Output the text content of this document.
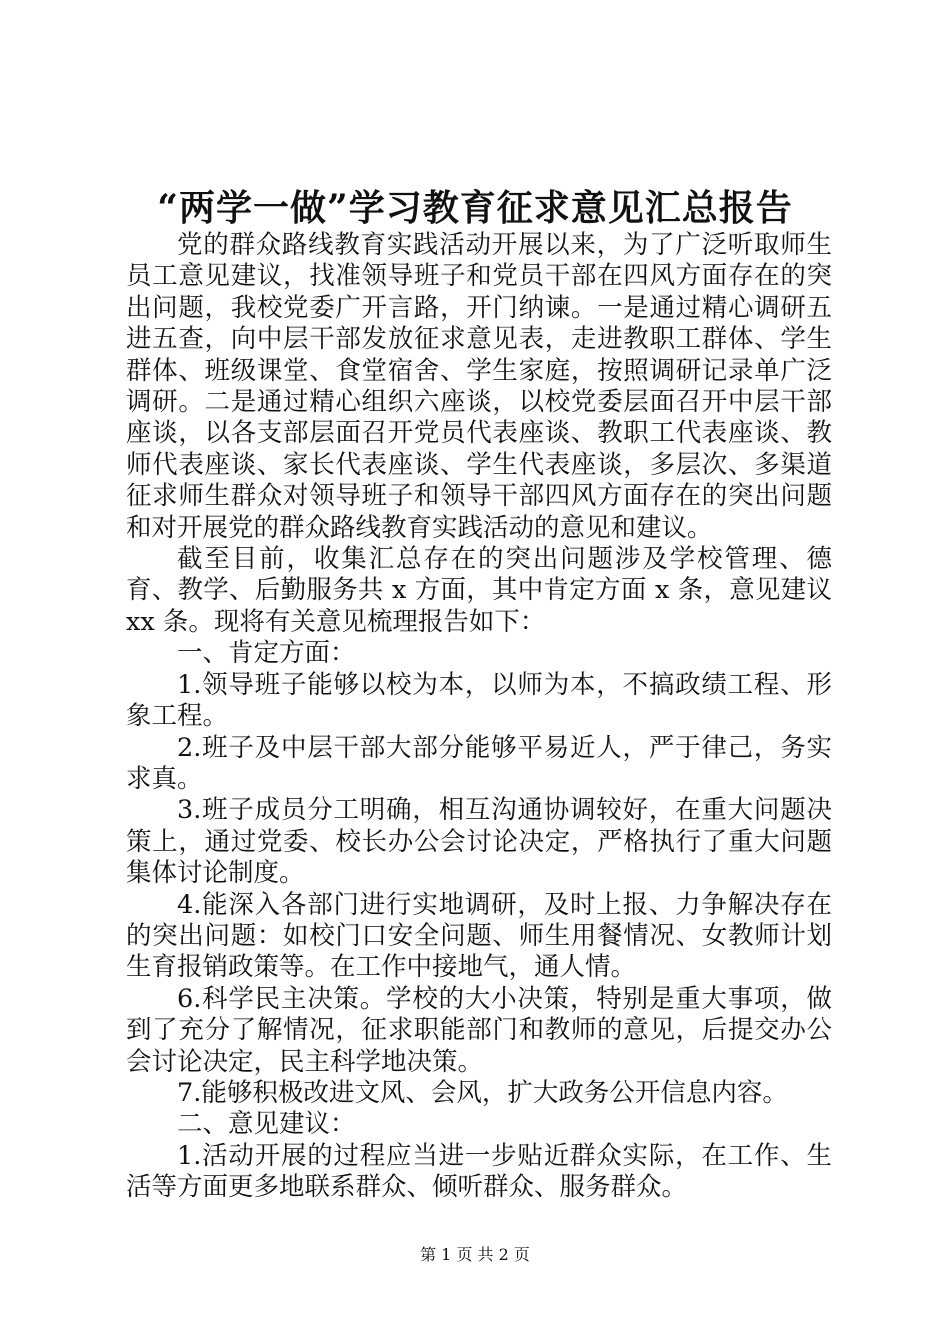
“两学一做”学习教育征求意见汇总报告

党的群众路线教育实践活动开展以来，为了广泛听取师生员工意见建议，找准领导班子和党员干部在四风方面存在的突出问题，我校党委广开言路，开门纳谏。一是通过精心调研五进五查，向中层干部发放征求意见表，走进教职工群体、学生群体、班级课堂、食堂宿舍、学生家庭，按照调研记录单广泛调研。二是通过精心组织六座谈，以校党委层面召开中层干部座谈，以各支部层面召开党员代表座谈、教职工代表座谈、教师代表座谈、家长代表座谈、学生代表座谈，多层次、多渠道征求师生群众对领导班子和领导干部四风方面存在的突出问题和对开展党的群众路线教育实践活动的意见和建议。

截至目前，收集汇总存在的突出问题涉及学校管理、德育、教学、后勤服务共 x 方面，其中肯定方面 x 条，意见建议 xx 条。现将有关意见梳理报告如下：

一、肯定方面：

1.领导班子能够以校为本，以师为本，不搞政绩工程、形象工程。

2.班子及中层干部大部分能够平易近人，严于律己，务实求真。

3.班子成员分工明确，相互沟通协调较好，在重大问题决策上，通过党委、校长办公会讨论决定，严格执行了重大问题集体讨论制度。

4.能深入各部门进行实地调研，及时上报、力争解决存在的突出问题：如校门口安全问题、师生用餐情况、女教师计划生育报销政策等。在工作中接地气，通人情。

6.科学民主决策。学校的大小决策，特别是重大事项，做到了充分了解情况，征求职能部门和教师的意见，后提交办公会讨论决定，民主科学地决策。

7.能够积极改进文风、会风，扩大政务公开信息内容。

二、意见建议：

1.活动开展的过程应当进一步贴近群众实际，在工作、生活等方面更多地联系群众、倾听群众、服务群众。

第 1 页 共 2 页
